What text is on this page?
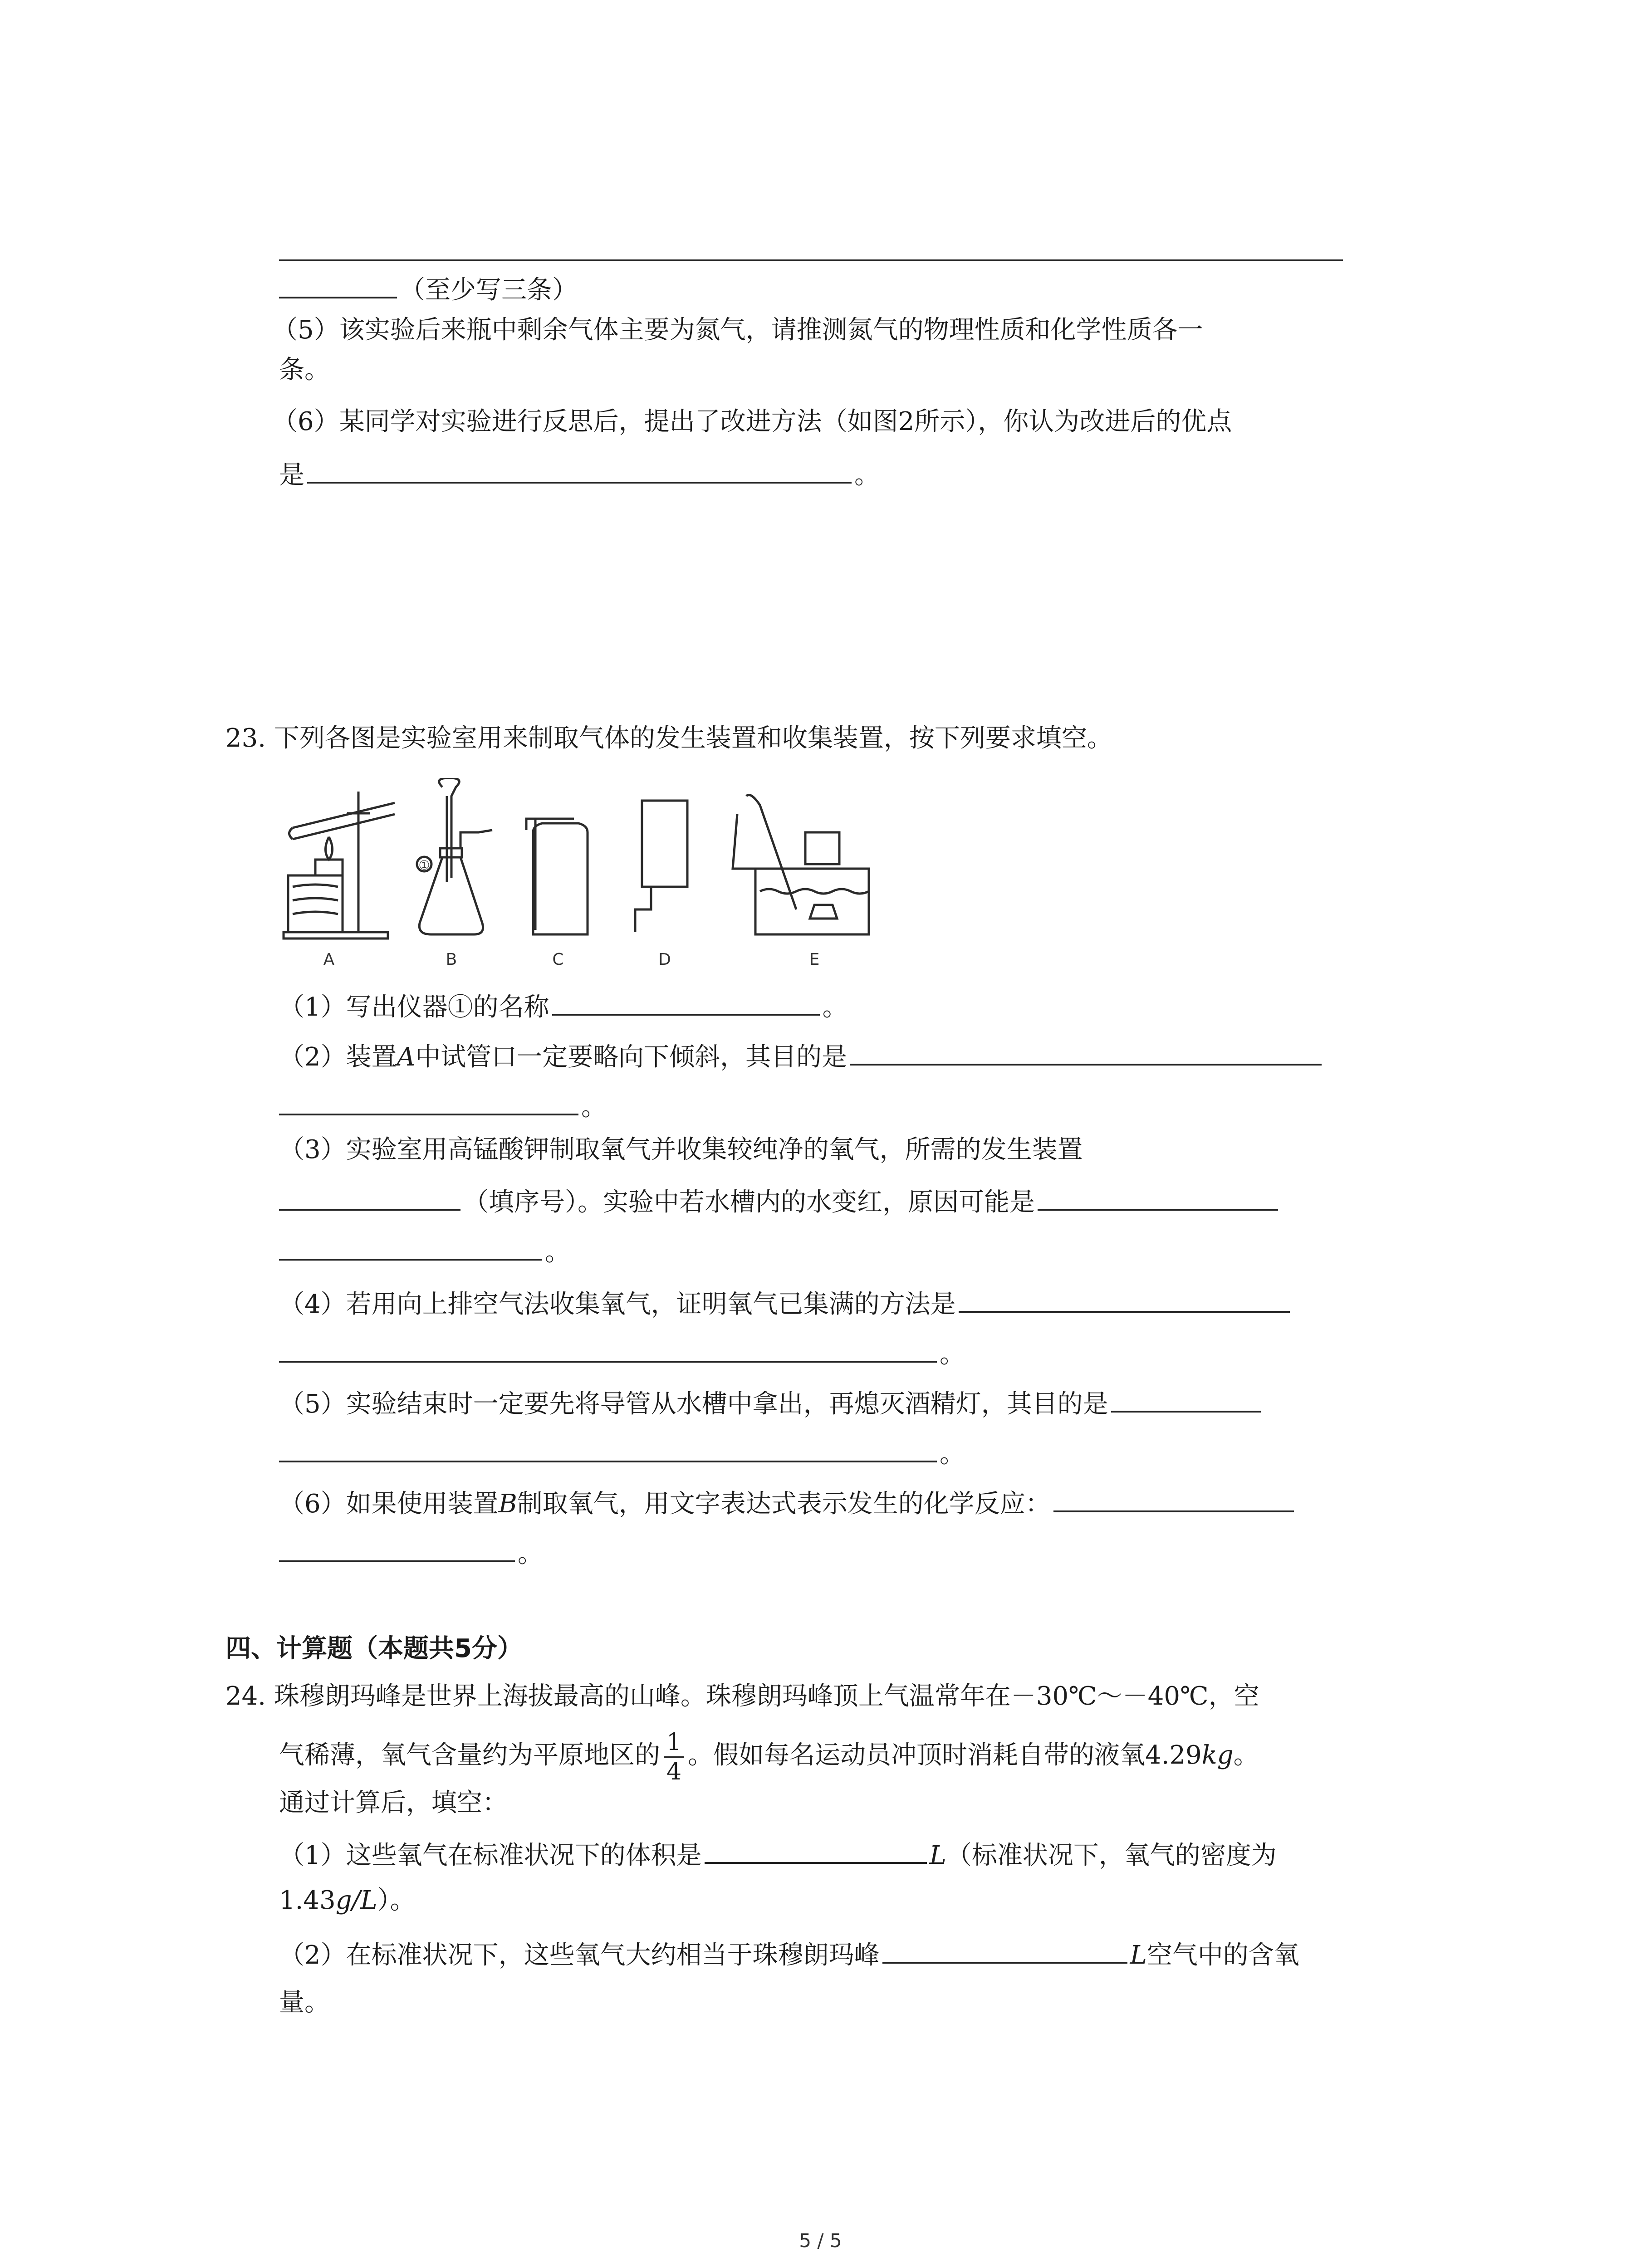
（至少写三条）
（5）该实验后来瓶中剩余气体主要为氮气，请推测氮气的物理性质和化学性质各一
条。
（6）某同学对实验进行反思后，提出了改进方法（如图2所示），你认为改进后的优点
是	。
23. 下列各图是实验室用来制取气体的发生装置和收集装置，按下列要求填空。
A	B	C	D	E
①
（1）写出仪器①的名称	。
（2）装置A中试管口一定要略向下倾斜，其目的是
。
（3）实验室用高锰酸钾制取氧气并收集较纯净的氧气，所需的发生装置
（填序号）。实验中若水槽内的水变红，原因可能是
。
（4）若用向上排空气法收集氧气，证明氧气已集满的方法是
。
（5）实验结束时一定要先将导管从水槽中拿出，再熄灭酒精灯，其目的是
。
（6）如果使用装置B制取氧气，用文字表达式表示发生的化学反应：
。
四、计算题（本题共5分）
24. 珠穆朗玛峰是世界上海拔最高的山峰。珠穆朗玛峰顶上气温常年在－30℃～－40℃，空
气稀薄，氧气含量约为平原地区的 $\frac{1}{4}$ 。假如每名运动员冲顶时消耗自带的液氧4.29kg。
通过计算后，填空：
（1）这些氧气在标准状况下的体积是	L（标准状况下，氧气的密度为
1.43g/L）。
（2）在标准状况下，这些氧气大约相当于珠穆朗玛峰	L空气中的含氧
量。
5 / 5
